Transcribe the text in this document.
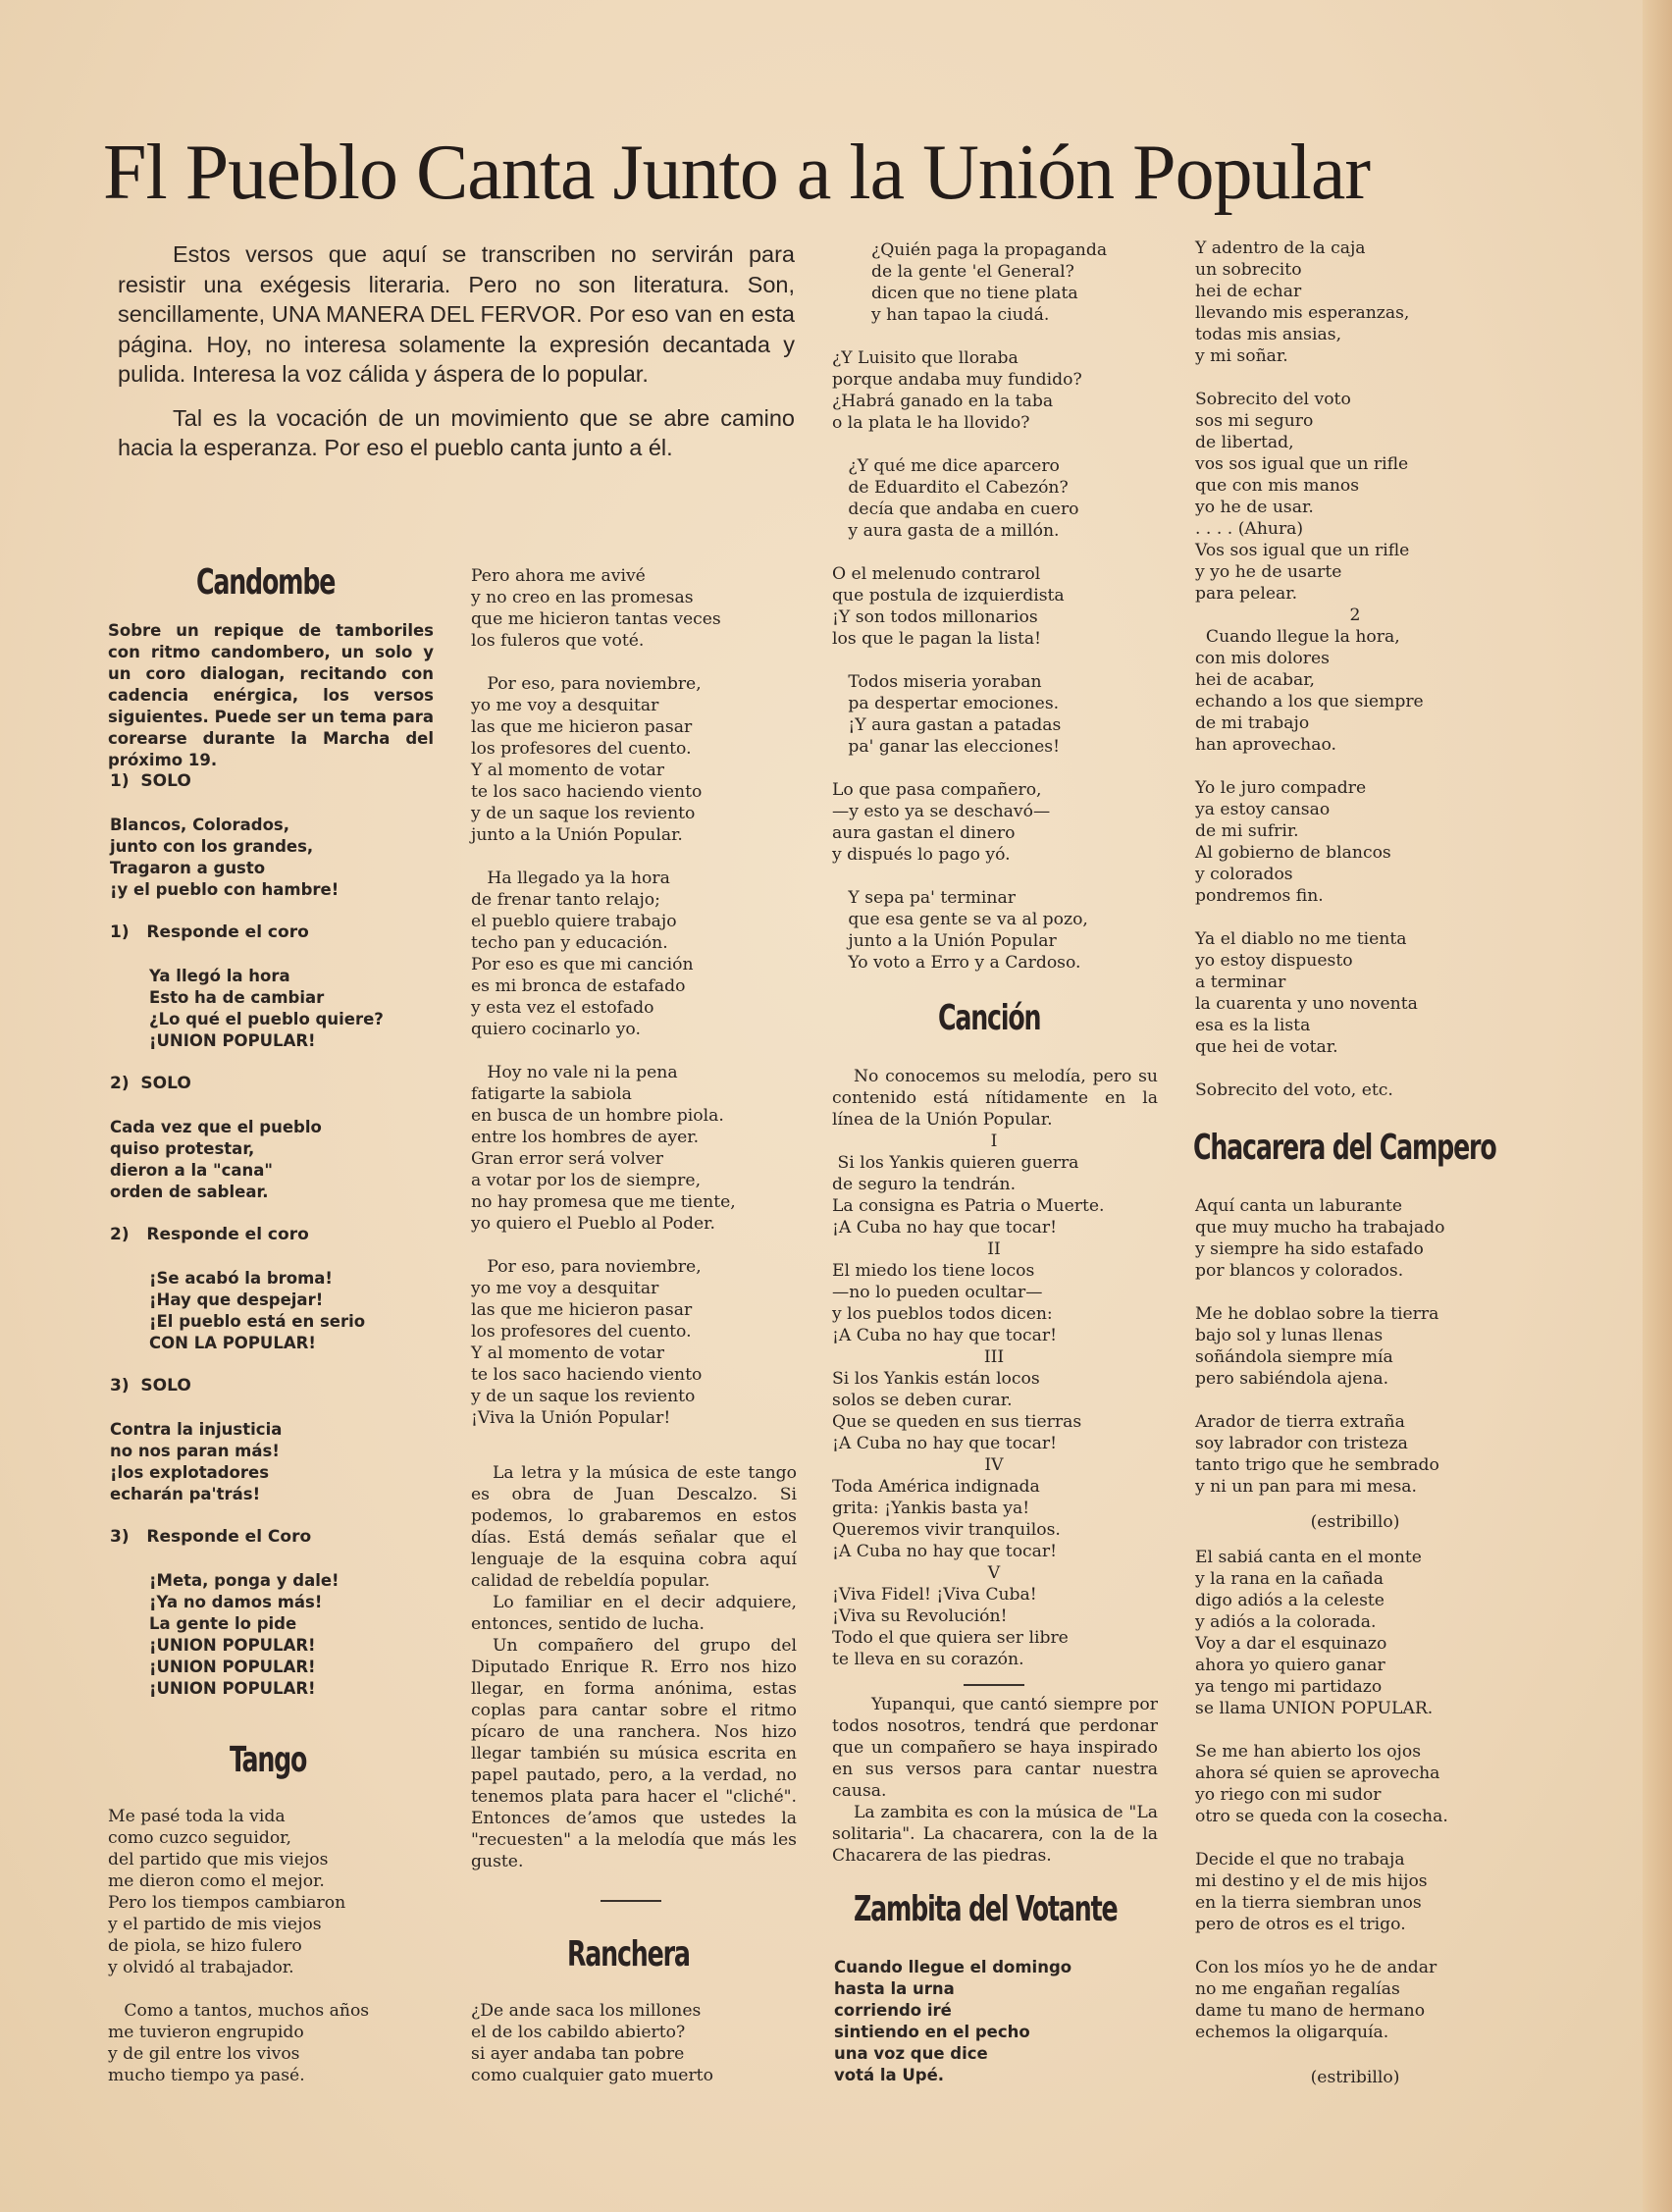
Fl Pueblo Canta Junto a la Unión Popular

Estos versos que aquí se transcriben no servirán para resistir una exégesis literaria. Pero no son literatura. Son, sencillamente, UNA MANERA DEL FERVOR. Por eso van en esta página. Hoy, no interesa solamente la expresión decantada y pulida. Interesa la voz cálida y áspera de lo popular.

Tal es la vocación de un movimiento que se abre camino hacia la esperanza. Por eso el pueblo canta junto a él.

Candombe
Sobre un repique de tamboriles con ritmo candombero, un solo y un coro dialogan, recitando con cadencia enérgica, los versos siguientes. Puede ser un tema para corearse durante la Marcha del próximo 19.
1)  SOLO
Blancos, Colorados,
junto con los grandes,
Tragaron a gusto
¡y el pueblo con hambre!
1)   Responde el coro
Ya llegó la hora
Esto ha de cambiar
¿Lo qué el pueblo quiere?
¡UNION POPULAR!
2)  SOLO
Cada vez que el pueblo
quiso protestar,
dieron a la "cana"
orden de sablear.
2)   Responde el coro
¡Se acabó la broma!
¡Hay que despejar!
¡El pueblo está en serio
CON LA POPULAR!
3)  SOLO
Contra la injusticia
no nos paran más!
¡los explotadores
echarán pa'trás!
3)   Responde el Coro
¡Meta, ponga y dale!
¡Ya no damos más!
La gente lo pide
¡UNION POPULAR!
¡UNION POPULAR!
¡UNION POPULAR!
Tango
Me pasé toda la vida
como cuzco seguidor,
del partido que mis viejos
me dieron como el mejor.
Pero los tiempos cambiaron
y el partido de mis viejos
de piola, se hizo fulero
y olvidó al trabajador.
Como a tantos, muchos años
me tuvieron engrupido
y de gil entre los vivos
mucho tiempo ya pasé.
Pero ahora me avivé
y no creo en las promesas
que me hicieron tantas veces
los fuleros que voté.
Por eso, para noviembre,
yo me voy a desquitar
las que me hicieron pasar
los profesores del cuento.
Y al momento de votar
te los saco haciendo viento
y de un saque los reviento
junto a la Unión Popular.
Ha llegado ya la hora
de frenar tanto relajo;
el pueblo quiere trabajo
techo pan y educación.
Por eso es que mi canción
es mi bronca de estafado
y esta vez el estofado
quiero cocinarlo yo.
Hoy no vale ni la pena
fatigarte la sabiola
en busca de un hombre piola.
entre los hombres de ayer.
Gran error será volver
a votar por los de siempre,
no hay promesa que me tiente,
yo quiero el Pueblo al Poder.
Por eso, para noviembre,
yo me voy a desquitar
las que me hicieron pasar
los profesores del cuento.
Y al momento de votar
te los saco haciendo viento
y de un saque los reviento
¡Viva la Unión Popular!
La letra y la música de este tango es obra de Juan Descalzo. Si podemos, lo grabaremos en estos días. Está demás señalar que el lenguaje de la esquina cobra aquí calidad de rebeldía popular.
Lo familiar en el decir adquiere, entonces, sentido de lucha.
Un compañero del grupo del Diputado Enrique R. Erro nos hizo llegar, en forma anónima, estas coplas para cantar sobre el ritmo pícaro de una ranchera. Nos hizo llegar también su música escrita en papel pautado, pero, a la verdad, no tenemos plata para hacer el "cliché". Entonces deʼamos que ustedes la "recuesten" a la melodía que más les guste.
Ranchera
¿De ande saca los millones
el de los cabildo abierto?
si ayer andaba tan pobre
como cualquier gato muerto
¿Quién paga la propaganda
de la gente 'el General?
dicen que no tiene plata
y han tapao la ciudá.
¿Y Luisito que lloraba
porque andaba muy fundido?
¿Habrá ganado en la taba
o la plata le ha llovido?
¿Y qué me dice aparcero
de Eduardito el Cabezón?
decía que andaba en cuero
y aura gasta de a millón.
O el melenudo contrarol
que postula de izquierdista
¡Y son todos millonarios
los que le pagan la lista!
Todos miseria yoraban
pa despertar emociones.
¡Y aura gastan a patadas
pa' ganar las elecciones!
Lo que pasa compañero,
—y esto ya se deschavó—
aura gastan el dinero
y dispués lo pago yó.
Y sepa pa' terminar
que esa gente se va al pozo,
junto a la Unión Popular
Yo voto a Erro y a Cardoso.
Canción
No conocemos su melodía, pero su contenido está nítidamente en la línea de la Unión Popular.
I
Si los Yankis quieren guerra
de seguro la tendrán.
La consigna es Patria o Muerte.
¡A Cuba no hay que tocar!
II
El miedo los tiene locos
—no lo pueden ocultar—
y los pueblos todos dicen:
¡A Cuba no hay que tocar!
III
Si los Yankis están locos
solos se deben curar.
Que se queden en sus tierras
¡A Cuba no hay que tocar!
IV
Toda América indignada
grita: ¡Yankis basta ya!
Queremos vivir tranquilos.
¡A Cuba no hay que tocar!
V
¡Viva Fidel! ¡Viva Cuba!
¡Viva su Revolución!
Todo el que quiera ser libre
te lleva en su corazón.
Yupanqui, que cantó siempre por todos nosotros, tendrá que perdonar que un compañero se haya inspirado en sus versos para cantar nuestra causa.
La zambita es con la música de "La solitaria". La chacarera, con la de la Chacarera de las piedras.
Zambita del Votante
Cuando llegue el domingo
hasta la urna
corriendo iré
sintiendo en el pecho
una voz que dice
votá la Upé.
Y adentro de la caja
un sobrecito
hei de echar
llevando mis esperanzas,
todas mis ansias,
y mi soñar.
Sobrecito del voto
sos mi seguro
de libertad,
vos sos igual que un rifle
que con mis manos
yo he de usar.
. . . . (Ahura)
Vos sos igual que un rifle
y yo he de usarte
para pelear.
2
Cuando llegue la hora,
con mis dolores
hei de acabar,
echando a los que siempre
de mi trabajo
han aprovechao.
Yo le juro compadre
ya estoy cansao
de mi sufrir.
Al gobierno de blancos
y colorados
pondremos fin.
Ya el diablo no me tienta
yo estoy dispuesto
a terminar
la cuarenta y uno noventa
esa es la lista
que hei de votar.
Sobrecito del voto, etc.
Chacarera del Campero
Aquí canta un laburante
que muy mucho ha trabajado
y siempre ha sido estafado
por blancos y colorados.
Me he doblao sobre la tierra
bajo sol y lunas llenas
soñándola siempre mía
pero sabiéndola ajena.
Arador de tierra extraña
soy labrador con tristeza
tanto trigo que he sembrado
y ni un pan para mi mesa.
(estribillo)
El sabiá canta en el monte
y la rana en la cañada
digo adiós a la celeste
y adiós a la colorada.
Voy a dar el esquinazo
ahora yo quiero ganar
ya tengo mi partidazo
se llama UNION POPULAR.
Se me han abierto los ojos
ahora sé quien se aprovecha
yo riego con mi sudor
otro se queda con la cosecha.
Decide el que no trabaja
mi destino y el de mis hijos
en la tierra siembran unos
pero de otros es el trigo.
Con los míos yo he de andar
no me engañan regalías
dame tu mano de hermano
echemos la oligarquía.
(estribillo)
